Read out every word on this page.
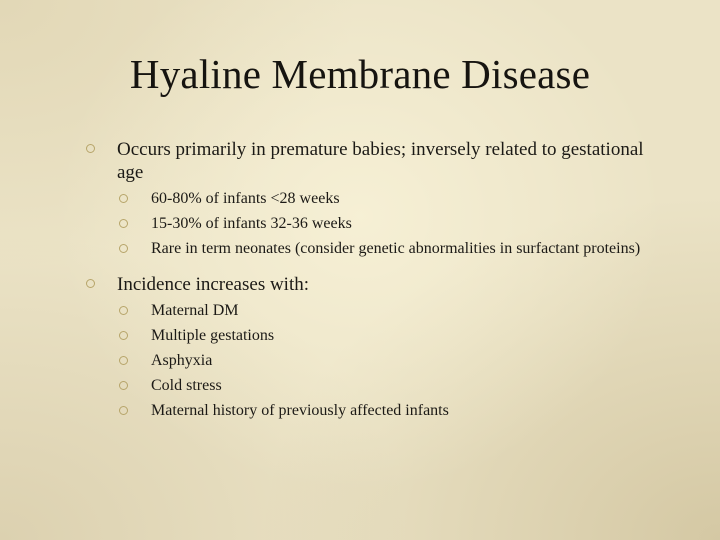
Hyaline Membrane Disease
Occurs primarily in premature babies; inversely related to gestational age
60-80% of infants <28 weeks
15-30% of infants 32-36 weeks
Rare in term neonates (consider genetic abnormalities in surfactant proteins)
Incidence increases with:
Maternal DM
Multiple gestations
Asphyxia
Cold stress
Maternal history of previously affected infants
